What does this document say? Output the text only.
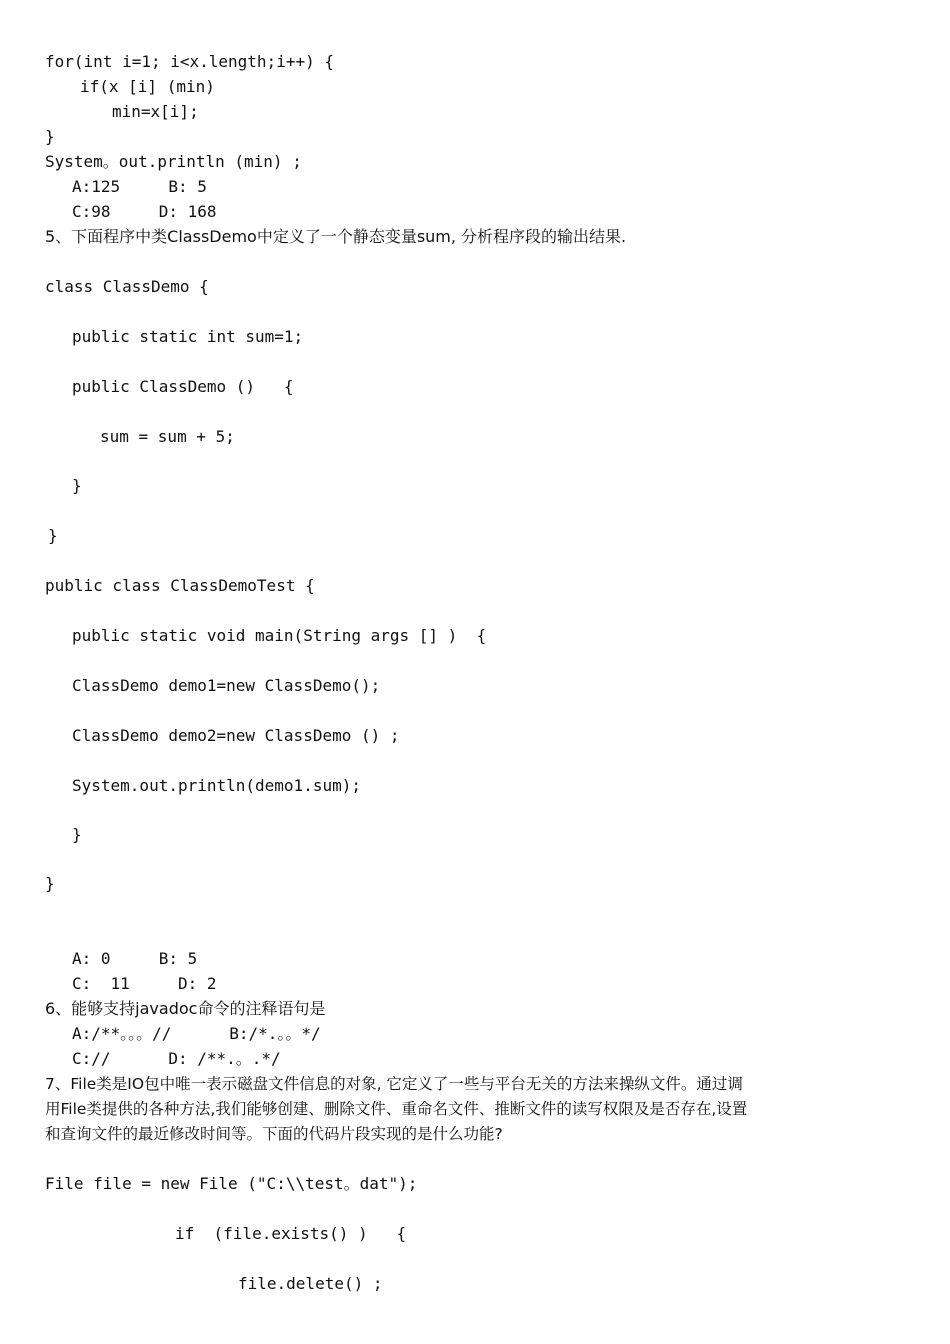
for(int i=1; i<x.length;i++) {
if(x [i] (min)
min=x[i];
}
System。out.println (min) ;
A:125     B: 5
C:98     D: 168
5、下面程序中类ClassDemo中定义了一个静态变量sum, 分析程序段的输出结果.
class ClassDemo {
public static int sum=1;
public ClassDemo ()   {
sum = sum + 5;
}
}
public class ClassDemoTest {
public static void main(String args [] )  {
ClassDemo demo1=new ClassDemo();
ClassDemo demo2=new ClassDemo () ;
System.out.println(demo1.sum);
}
}
A: 0     B: 5
C:  11     D: 2
6、能够支持javadoc命令的注释语句是
A:/**。。。//      B:/*.。。*/
C://      D: /**.。.*/
7、File类是IO包中唯一表示磁盘文件信息的对象, 它定义了一些与平台无关的方法来操纵文件。通过调
用File类提供的各种方法,我们能够创建、删除文件、重命名文件、推断文件的读写权限及是否存在,设置
和查询文件的最近修改时间等。下面的代码片段实现的是什么功能?
File file = new File ("C:\\test。dat");
if  (file.exists() )   {
file.delete() ;
